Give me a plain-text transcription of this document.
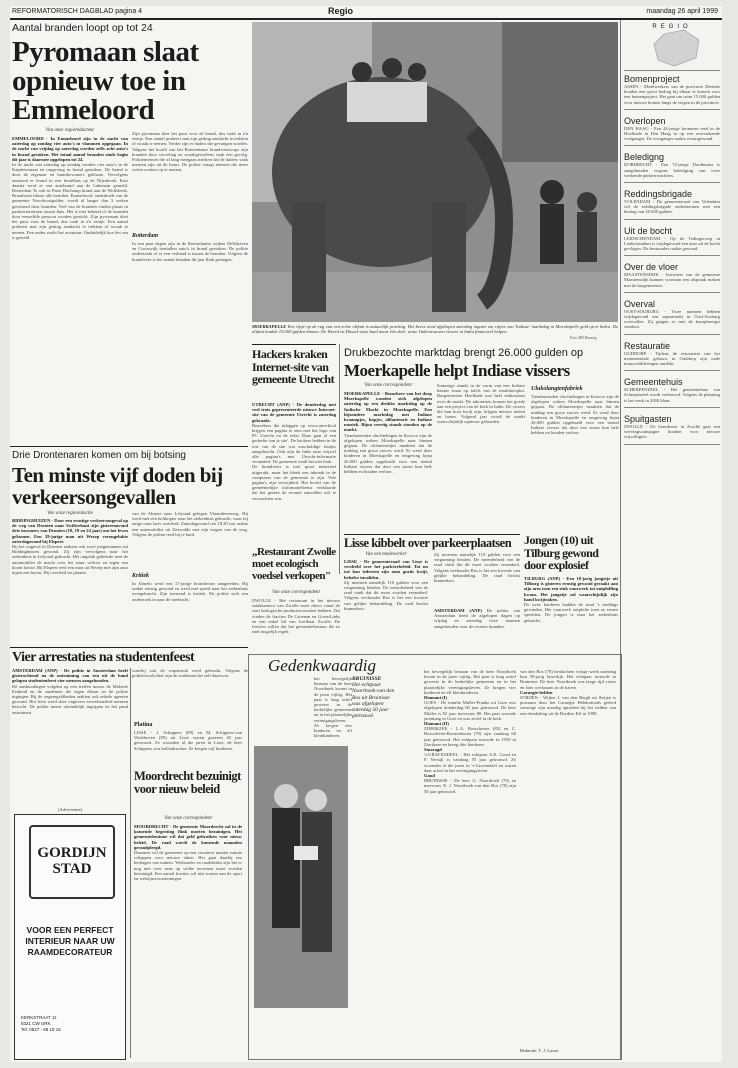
REFORMATORISCH DAGBLAD pagina 4	Regio	maandag 26 april 1999
Aantal branden loopt op tot 24
Pyromaan slaat opnieuw toe in Emmeloord
Van onze regioredacteur
EMMELOORD - In Emmeloord zijn in de nacht van zaterdag op zondag vier auto's in vlammen opgegaan. In de nacht van vrijdag op zaterdag werden zelfs acht auto's in brand gestoken. Het totaal aantal branden sinds begin dit jaar is daarmee opgelopen tot 24.
In de nacht van zaterdag op zondag werden vier auto's in de Kapiteinstraat en omgeving in brand gestoken. De brand is door de eigenaar en buurtbewoners gebluste. Vervolgens ontstond er brand in een bestelbus op de Nijenhoek. Kort daarna werd er een autobrand aan de Lakeman gemeld. Rotterdam Te ook in Pater Duchamp brand aan de Wolfsbeek. Brandweer bluste alle branden. Emmeloord, onderhoeft van de gemeente Noordoostpolder, wordt al langer dan 3 weken geteisterd door branden. Veel van de branden vinden plaats in parkeerterreinen tussen flats. Het is niet bekend of de branden door eenzelfde persoon worden gesticht. Zijn pyromaan doet het puur voor de brand, dus vaak in z'n eentje. Een aantal probeert met zijn gedrag aandacht te trekken of wraak te nemen. Een ander zoekt het avontuur. Onduidelijk hoe het om is gesteld.
Zijn pyromaan doet het puur voor de brand, dus vaak in z'n eentje. Een aantal probeert met zijn gedrag aandacht te trekken of wraak te nemen. Verder zijn er daders die gevangen worden. Volgens het hoofd van het Rotterdamse brandweercorps zijn branden door verveling en wraakgevoelens vaak een gevolg. Politiemensen die al lang meegaan merken dat de daders vaak mensen zijn uit de buurt. De politie vraagt mensen die meer weten contact op te nemen.
Rotterdam
In een paar dagen zijn in de Rotterdamse wijken Delfshaven en Crooswijk tientallen auto's in brand gestoken. De politie onderzoekt of er een verband is tussen de branden. Volgens de brandweer is het aantal branden dit jaar flink gestegen.
MOERKAPELLE Een rijtje op de rug van een echte olifant is natuurlijk prachtig. Het beest werd afgelopen zaterdag ingezet om rijtjes van 'Indiase' marktdag in Moerkapelle geld op te halen. De olifant haalde 10.000 gulden binnen. De Weerd en Dussel-actie haal maar één doel: arme Vadersrouwen vissers in India financieel helpen.
Foto RD Bennig
Hackers kraken Internet-site van gemeente Utrecht
UTRECHT (ANP) - De donderdag met veel trots gepresenteerde nieuwe Internet-site van de gemeente Utrecht is zaterdag gekraakt.
Bezoekers die inloggen op www.utrecht.nl krijgen een pagina te zien met het logo van PC Utrecht en de tekst 'Daar gaat al een gedeelte van je site'. De hackers hebben in de rest van de site wat onschuldige foutjes aangebracht. Ook zijn de links naar vrijwel alle pagina's met Utrecht-informatie veranderd. De gemeente vindt het niet leuk.
De brandweer is met groot materieel uitgerukt, maar het bleek een inbraak in de computers van de gemeente te zijn. Vele pagina's zijn verwijderd. Het hoofd van de gemeentelijke informatiedienst verklaarde dat het gezien de recente aanvallen wel te verwachten was.
Drukbezochte marktdag brengt 26.000 gulden op
Moerkapelle helpt Indiase vissers
Van onze correspondent
MOERKAPELLE - Bezoekers van het dorp Moerkapelle wanden zich afgelopen zaterdag op een drukke marktdag op de Indische Markt in Moerkapelle. Een bijzondere marktdag met Indiase kraampjes, hapjes, olifantenrit en Indiase muziek. Bijna veertig stands stonden op de markt.
Tienduizenden vluchtelingen in Kosovo zijn de afgelopen weken Moerkapelle naar binnen gegaan. De olifantenritjes maakten dat de middag een groot succes werd. Er werd door kinderen in Moerkapelle en omgeving bijna 26.000 gulden opgehaald voor een tiental Indiase vissers dat door een storm hun hele hebben en houden verloor.
Sommige stands in de vorm van een Indiase bazaar staan op tafels van de marktkooplui. Burgemeester Hoefkade was heel enthousiast over de markt. De inkomsten komen ten goede aan een project van de kerk in India. De vissers die hun boot kwijt zijn, krijgen nieuwe netten en boten. Volgend jaar wordt de markt waarschijnlijk opnieuw gehouden.
Ulukolangtenfabriek
Tienduizenden vluchtelingen in Kosovo zijn de afgelopen weken Moerkapelle naar binnen gegaan. De olifantenritjes maakten dat de middag een groot succes werd. Er werd door kinderen in Moerkapelle en omgeving bijna 26.000 gulden opgehaald voor een tiental Indiase vissers dat door een storm hun hele hebben en houden verloor.
Drie Drontenaren komen om bij botsing
Ten minste vijf doden bij verkeersongevallen
Van onze regioredactie
BIDDINGHUIZEN - Door een ernstige verkeersongeval op de weg van Dronten naar Swifterbant zijn gisterenavond drie inwoners van Dronten (18, 19 en 24 jaar) om het leven gekomen. Een 29-jarige man uit Wezep verongelukte zaterdagavond bij Elspeet.
Bij het ongeval in Dronten raakten ook twee jongemannen uit Biddinghuizen gewond. Zij zijn vervolgens naar het ziekenhuis in Lelystad gebracht. Het ongeluk gebeurde toen de automobilist de macht over het stuur verloor en tegen een boom botste. Bij Elspeet reed een man uit Wezep met zijn auto tegen een boom. Hij overleed ter plaatse.
van de Almere naar Lelystad gelegen Vlaanderenweg. Hij werd met een helikopter naar het ziekenhuis gebracht, waar hij enige uren later overleed. Zaterdagavond om 18.30 uur raakte een automobilist uit Zeewolde met zijn wagen van de weg. Volgens de politie reed hij te hard.
Kritiek
In Almelo werd een 17-jarige bromfietser aangereden. Hij raakte ernstig gewond en werd met spoed naar het ziekenhuis overgebracht. Zijn toestand is kritiek. De politie stelt een onderzoek in naar de toedracht.
„Restaurant Zwolle moet ecologisch voedsel verkopen"
Van onze correspondent
ZWOLLE - Het restaurant in het nieuwe stadskantoor van Zwolle moet direct vanaf de start biologische producten moeten hebben. Dat vinden de fracties De Groenen en GroenLinks en een enkel lid van Leefbaar Zwolle. De fracties willen dat het gemeentebestuur dit zo snel mogelijk regelt.
Lisse kibbelt over parkeerplaatsen
Van een medewerker
LISSE - De gemeenteraad van Lisse is verdeeld over het parkeerbeleid. Tot nu toe kon iedereen zijn auto gratis kwijt, behalve invaliden.
Zij moesten namelijk 110 gulden voor een vergunning betalen. De meerderheid van de raad vindt dat dit moet worden veranderd. Volgens wethouder Bos is het een kwestie van gelijke behandeling. De raad beslist binnenkort.
Zij moesten namelijk 110 gulden voor een vergunning betalen. De meerderheid van de raad vindt dat dit moet worden veranderd. Volgens wethouder Bos is het een kwestie van gelijke behandeling. De raad beslist binnenkort.
AMSTERDAM (ANP) De politie van Amsterdam heeft de afgelopen dagen op vrijdag en zaterdag twee mannen aangehouden voor de recente branden.
Jongen (10) uit Tilburg gewond door explosief
TILBURG (ANP) - Een 10-jarig jongetje uit Tilburg is gisteren ernstig gewond geraakt aan zijn arm toen een stuk vuurwerk tot ontploffing kwam. Het jongetje zal waarschijnlijk zijn hand kwijtraken.
De twee kinderen hadden de staaf 's middags gevonden. Het vuurwerk ontplofte toen ze ermee speelden. De jongen is naar het ziekenhuis gebracht.
Vier arrestaties na studentenfeest
AMSTERDAM (ANP) - De politie in Amsterdam heeft gisterochtend na de ontruiming van een uit de hand gelopen studentenfeest vier mensen aangehouden.
De aanhoudingen volgden op een treffen tussen de Mobiele Eenheid en de studenten die tegen elkaar en de politie ingingen. Bij de ongeregeldheden raakten ook enkele agenten gewond. Het feest werd door ongeveer zevenhonderd mensen bezocht. De politie moest uiteindelijk ingrijpen en het pand ontruimen.
waarbij ook de wapenstok werd gebruikt. Volgens de politievoorlichter zijn de studenten het zelf daarvoor.
(Advertentie)
GORDIJN STAD
VOOR EEN PERFECT INTERIEUR NAAR UW RAAMDECORATEUR
KERKSTRAAT 11
8321 CW URK
Tel. 0527 - 68 18 15
Platina
LISSE - J. Schippers (89) en M. Schippers-van Werkhoven (89) uit Lisse waren gisteren 65 jaar getrouwd. Ze woonden al die jaren in Lisse, de heer Schippers was bollenkweker. Ze kregen vijf kinderen.
Moordrecht bezuinigt voor nieuw beleid
Van onze correspondent
MOORDRECHT - De gemeente Moordrecht zal in de komende begroting flink moeten bezuinigen. Het gemeentebestuur wil dat geld gebruiken voor nieuw beleid. De raad wordt de komende maanden geraadpleegd.
Daarmee wil de gemeente op een creatieve manier ruimte scheppen voor nieuwe taken. Het gaat daarbij om bedragen van tonnen. Wethouder en raadsleden zijn het er nog niet over eens op welke terreinen moet worden bezuinigd. Een aantal fracties wil niet tornen aan de sport en welzijnsvoorzieningen.
Gedenkwaardig
BRUINISSE
Het echtpaar Noorthoek-van den Bos uit Bruinisse was afgelopen zaterdag 50 jaar getrouwd.
het bewegelijk bestaan van de heer Noorthoek kwam in de jaren vijftig. Het paar is lang actief geweest in de kerkelijke gemeente en in het plaatselijke verenigingsleven. Ze kregen vier kinderen en elf kleinkinderen.
het bewegelijk bestaan van de heer Noorthoek kwam in de jaren vijftig. Het paar is lang actief geweest in de kerkelijke gemeente en in het plaatselijke verenigingsleven. Ze kregen vier kinderen en elf kleinkinderen.
Diamant (I)
GOES - De familie Muller-Franke uit Goes was afgelopen donderdag 60 jaar getrouwd. De heer Muller is 82 jaar, mevrouw 80. Het paar woonde jarenlang in Goes en was actief in de kerk.
Diamant (II)
ZIERIKZEE - L.A. Bosschieter (83) en C. Bosschieter-Roosenboom (79) zijn vandaag 60 jaar getrouwd. Het echtpaar trouwde in 1939 in Zierikzee en kreeg drie kinderen.
Smaragd
's-GRAVENDEEL - Het echtpaar A.K. Goud en P. Verstijl is vandaag 55 jaar getrouwd. Ze woonden al die jaren in 's-Gravendeel en waren daar actief in het verenigingsleven.
Goud
BRUINISSE - De heer G. Noorthoek (76) en mevrouw N. J. Noorthoek-van den Bos (78) zijn 50 jaar getrouwd.
van den Bos (78) herdachten vorige week zaterdag hun 50-jarig huwelijk. Het echtpaar trouwde in Bruinisse. De heer Noorthoek was lange tijd visser en later werkzaam in de haven.
Carnegie-helden
STRIJEN - Wijlen J. van den Bergh uit Strijen is postuum door het Carnegie Heldenfonds geëerd vanwege zijn moedig optreden bij het redden van een drenkeling uit de Dordtse Kil in 1998.
Redactie: T. J. Lucas
REGIO
Bomenproject
ASSEN - Medewerkers van de provincie Drenthe houden een groot bedrag bij elkaar te komen voor een bomenproject. Het gaat om ruim 15.000 gulden voor nieuwe bomen langs de wegen in de provincie.
Overlopen
DEN HAAG - Een 44-jarige brommer reed in de Hoefkade in Den Haag in op een overstekende voetganger. De voetganger raakte zwaargewond.
Beledigng
DORDRECHT - Een 72-jarige Dordtenaar is aangehouden wegens belediging van twee werkende parkeerwachters.
Reddingsbrigade
VOLENDAM - De gemeenteraad van Volendam wil de reddingsbrigade ondersteunen met een bedrag van 20.000 gulden.
Uit de bocht
LEIDSCHENDAM - Op de Tedingerweg in Leidschendam is vrijdagavond een auto uit de bocht gevlogen. De bestuurder raakte gewond.
Over de vloer
MAASTENSDIJK - Inwoners van de gemeente Maastensdijk kunnen voortaan een afspraak maken met de burgemeester.
Overval
OOST-SOUBURG - Twee mannen hebben vrijdagavond een supermarkt in Oost-Souburg overvallen. Zij gingen er met de kasopbrengst vandoor.
Restauratie
OUDDORP - Tijdens de restauratie van het monumentale gebouw in Ouddorp zijn oude muurschilderingen ontdekt.
Gemeentehuis
SCHERPENZEEL - Het gemeentehuis van Scherpenzeel wordt verbouwd. Volgens de planning is het werk in 2000 klaar.
Spuitgasten
ZWOLLE - De brandweer in Zwolle gaat een wervingscampagne houden voor nieuwe vrijwilligers.
